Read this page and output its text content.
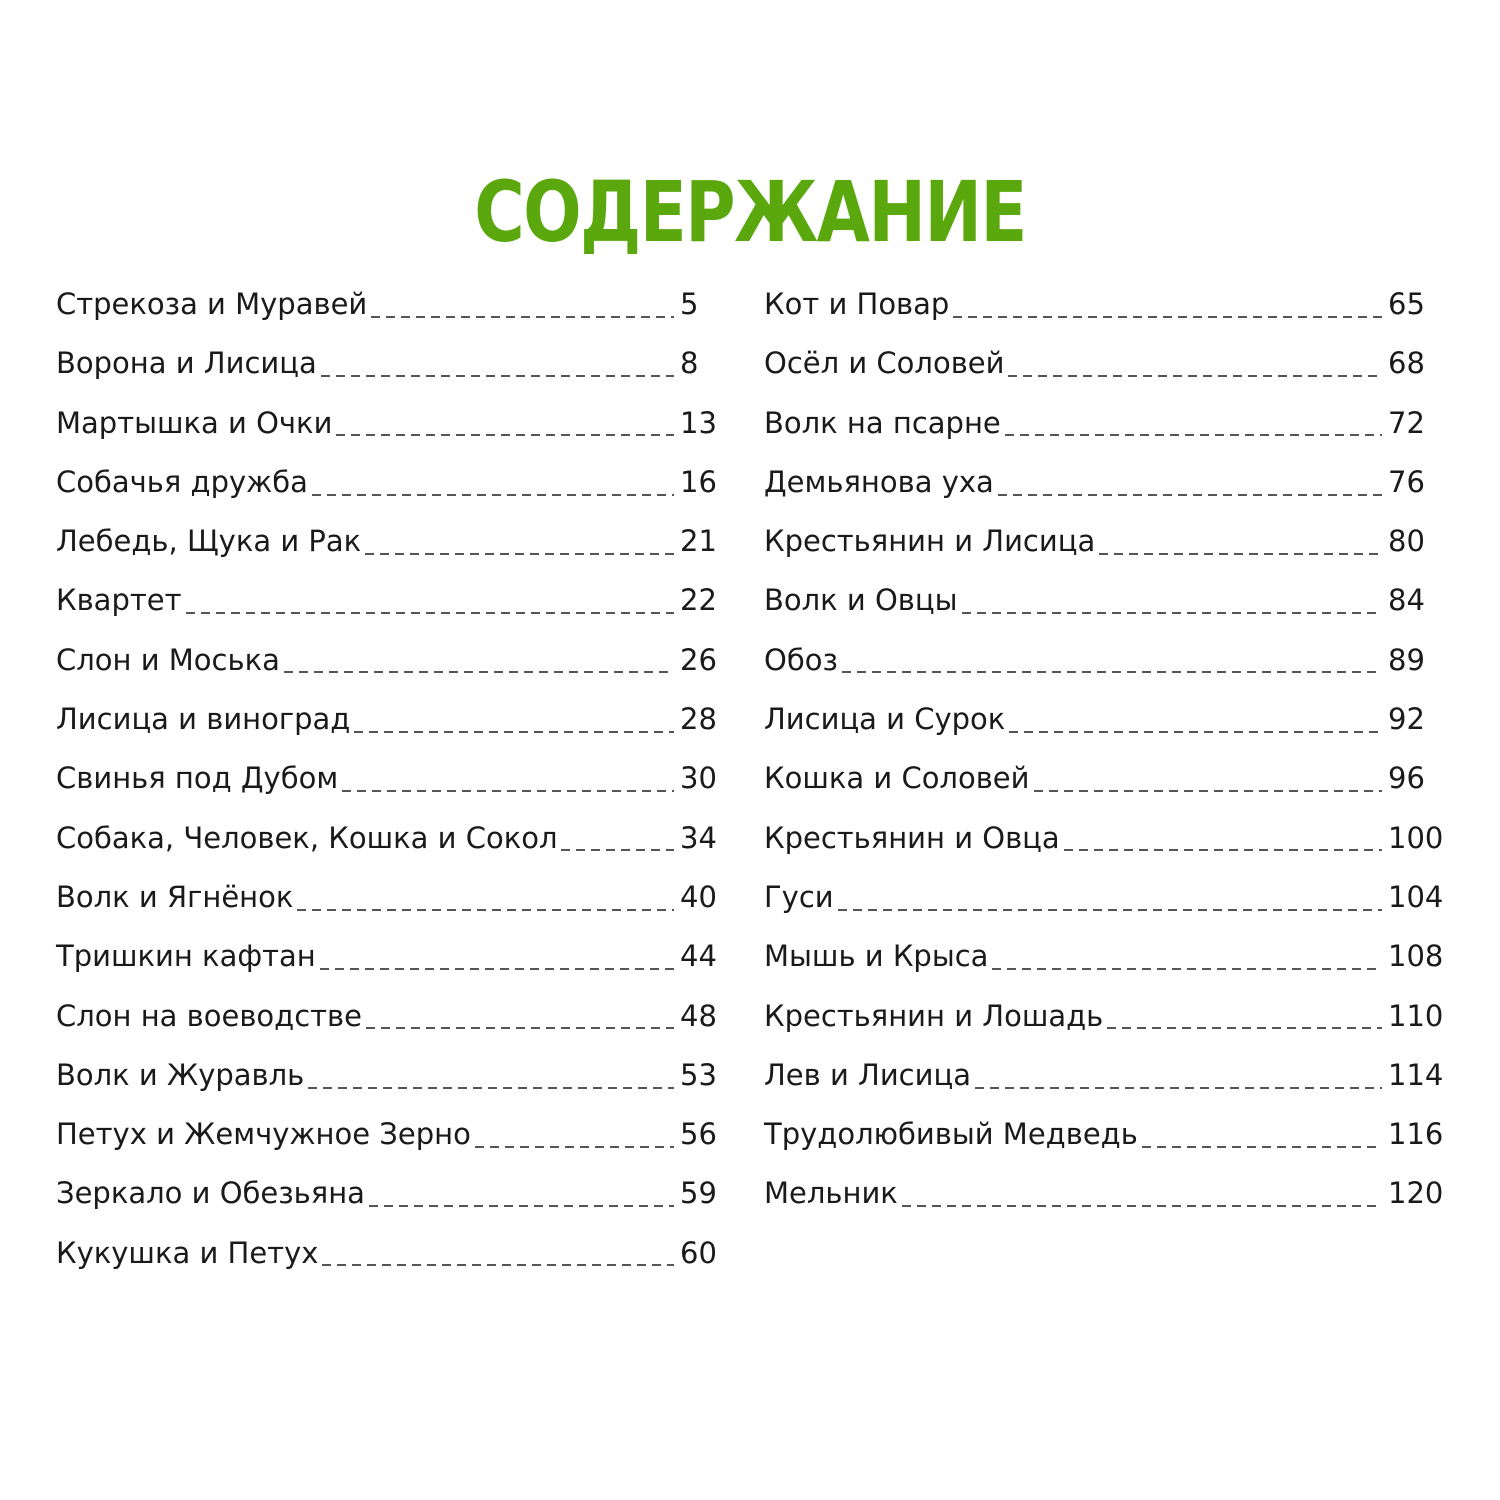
СОДЕРЖАНИЕ
Стрекоза и Муравей	5
Ворона и Лисица	8
Мартышка и Очки	13
Собачья дружба	16
Лебедь, Щука и Рак	21
Квартет	22
Слон и Моська	26
Лисица и виноград	28
Свинья под Дубом	30
Собака, Человек, Кошка и Сокол	34
Волк и Ягнёнок	40
Тришкин кафтан	44
Слон на воеводстве	48
Волк и Журавль	53
Петух и Жемчужное Зерно	56
Зеркало и Обезьяна	59
Кукушка и Петух	60
Кот и Повар	65
Осёл и Соловей	68
Волк на псарне	72
Демьянова уха	76
Крестьянин и Лисица	80
Волк и Овцы	84
Обоз	89
Лисица и Сурок	92
Кошка и Соловей	96
Крестьянин и Овца	100
Гуси	104
Мышь и Крыса	108
Крестьянин и Лошадь	110
Лев и Лисица	114
Трудолюбивый Медведь	116
Мельник	120
